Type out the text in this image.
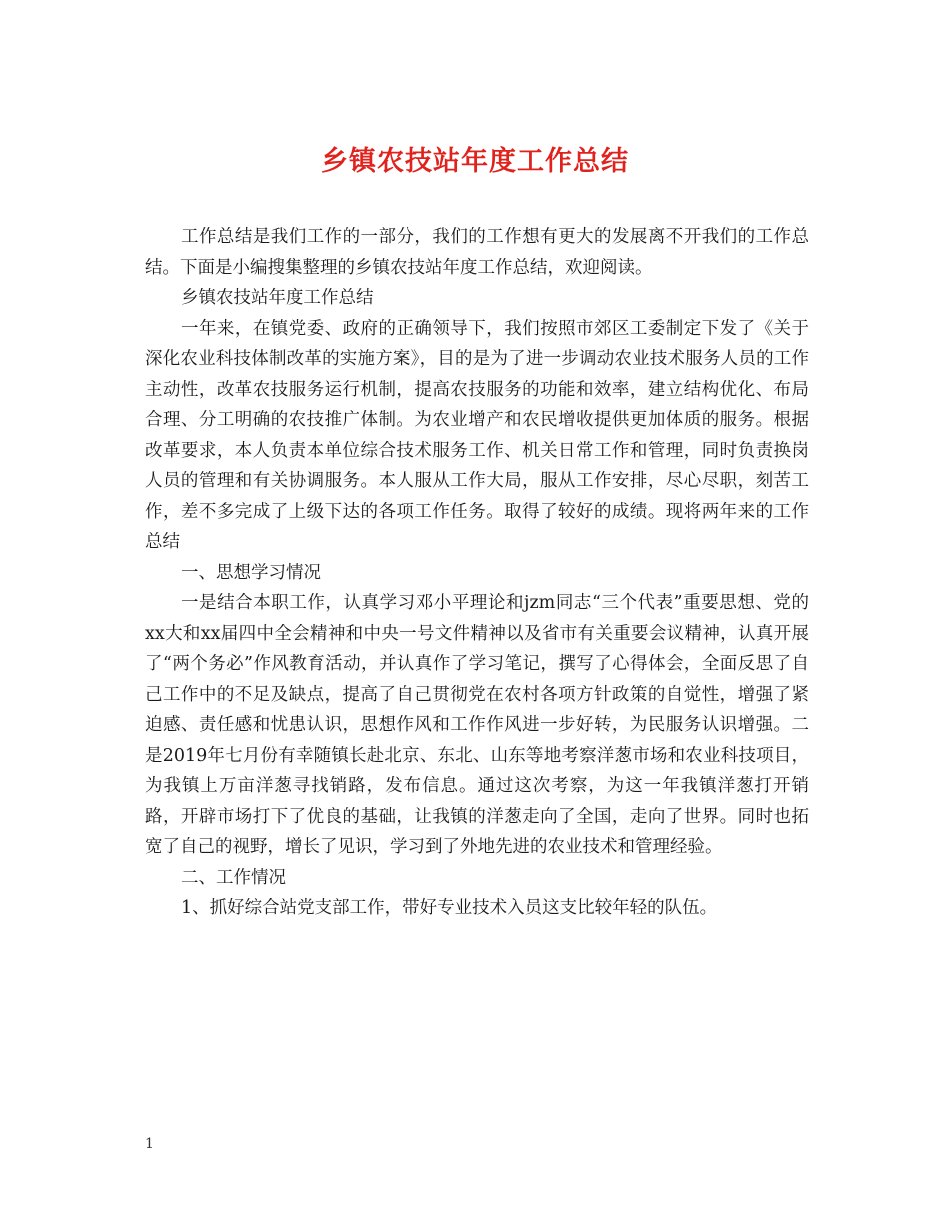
乡镇农技站年度工作总结

工作总结是我们工作的一部分，我们的工作想有更大的发展离不开我们的工作总结。下面是小编搜集整理的乡镇农技站年度工作总结，欢迎阅读。

乡镇农技站年度工作总结

一年来，在镇党委、政府的正确领导下，我们按照市郊区工委制定下发了《关于深化农业科技体制改革的实施方案》，目的是为了进一步调动农业技术服务人员的工作主动性，改革农技服务运行机制，提高农技服务的功能和效率，建立结构优化、布局合理、分工明确的农技推广体制。为农业增产和农民增收提供更加体质的服务。根据改革要求，本人负责本单位综合技术服务工作、机关日常工作和管理，同时负责换岗人员的管理和有关协调服务。本人服从工作大局，服从工作安排，尽心尽职，刻苦工作，差不多完成了上级下达的各项工作任务。取得了较好的成绩。现将两年来的工作总结

一、思想学习情况

一是结合本职工作，认真学习邓小平理论和jzm同志“三个代表”重要思想、党的xx大和xx届四中全会精神和中央一号文件精神以及省市有关重要会议精神，认真开展了“两个务必”作风教育活动，并认真作了学习笔记，撰写了心得体会，全面反思了自己工作中的不足及缺点，提高了自己贯彻党在农村各项方针政策的自觉性，增强了紧迫感、责任感和忧患认识，思想作风和工作作风进一步好转，为民服务认识增强。二是2019年七月份有幸随镇长赴北京、东北、山东等地考察洋葱市场和农业科技项目，为我镇上万亩洋葱寻找销路，发布信息。通过这次考察，为这一年我镇洋葱打开销路，开辟市场打下了优良的基础，让我镇的洋葱走向了全国，走向了世界。同时也拓宽了自己的视野，增长了见识，学习到了外地先进的农业技术和管理经验。

二、工作情况

1、抓好综合站党支部工作，带好专业技术入员这支比较年轻的队伍。

1
